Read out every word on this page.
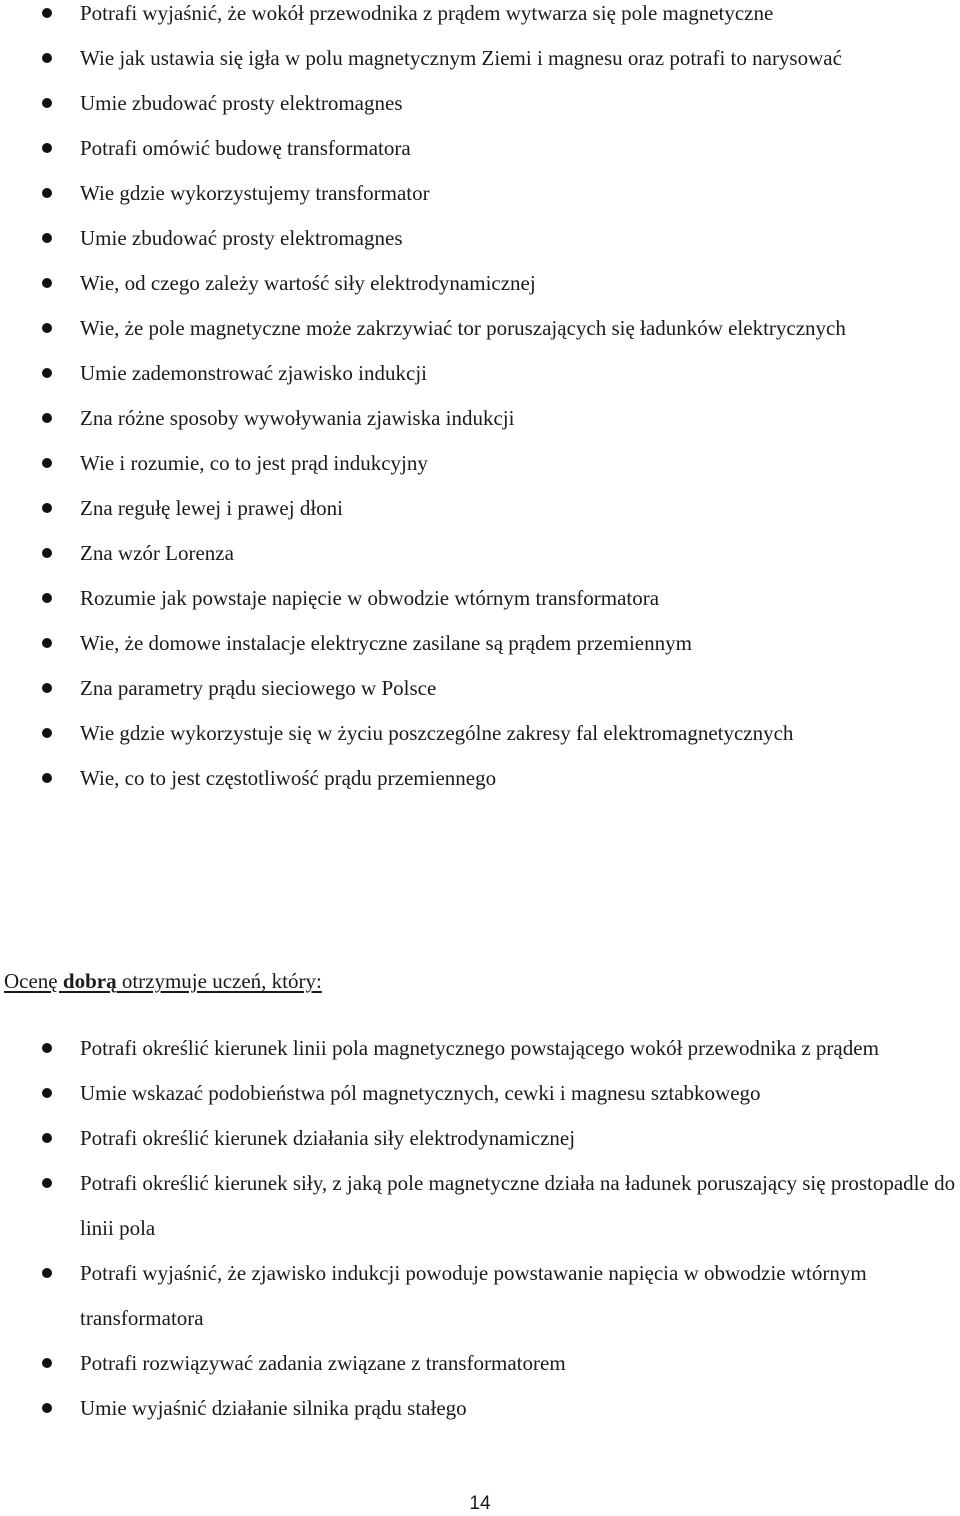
Potrafi wyjaśnić, że wokół przewodnika z prądem wytwarza się pole magnetyczne
Wie jak ustawia się igła w polu magnetycznym Ziemi i magnesu oraz potrafi to narysować
Umie zbudować prosty elektromagnes
Potrafi omówić budowę transformatora
Wie gdzie wykorzystujemy transformator
Umie zbudować prosty elektromagnes
Wie, od czego zależy wartość siły elektrodynamicznej
Wie, że pole magnetyczne może zakrzywiać tor poruszających się ładunków elektrycznych
Umie zademonstrować zjawisko indukcji
Zna różne sposoby wywoływania zjawiska indukcji
Wie i rozumie, co to jest prąd indukcyjny
Zna regułę lewej i prawej dłoni
Zna wzór Lorenza
Rozumie jak powstaje napięcie w obwodzie wtórnym transformatora
Wie, że domowe instalacje elektryczne zasilane są prądem przemiennym
Zna parametry prądu sieciowego w Polsce
Wie gdzie wykorzystuje się w życiu poszczególne zakresy fal elektromagnetycznych
Wie, co to jest częstotliwość prądu przemiennego
Ocenę dobrą otrzymuje uczeń, który:
Potrafi określić kierunek linii pola magnetycznego powstającego wokół przewodnika z prądem
Umie wskazać podobieństwa pól magnetycznych, cewki i magnesu sztabkowego
Potrafi określić kierunek działania siły elektrodynamicznej
Potrafi określić kierunek siły, z jaką pole magnetyczne działa na ładunek poruszający się prostopadle do linii pola
Potrafi wyjaśnić, że zjawisko indukcji powoduje powstawanie napięcia w obwodzie wtórnym transformatora
Potrafi rozwiązywać zadania związane z transformatorem
Umie wyjaśnić działanie silnika prądu stałego
14
